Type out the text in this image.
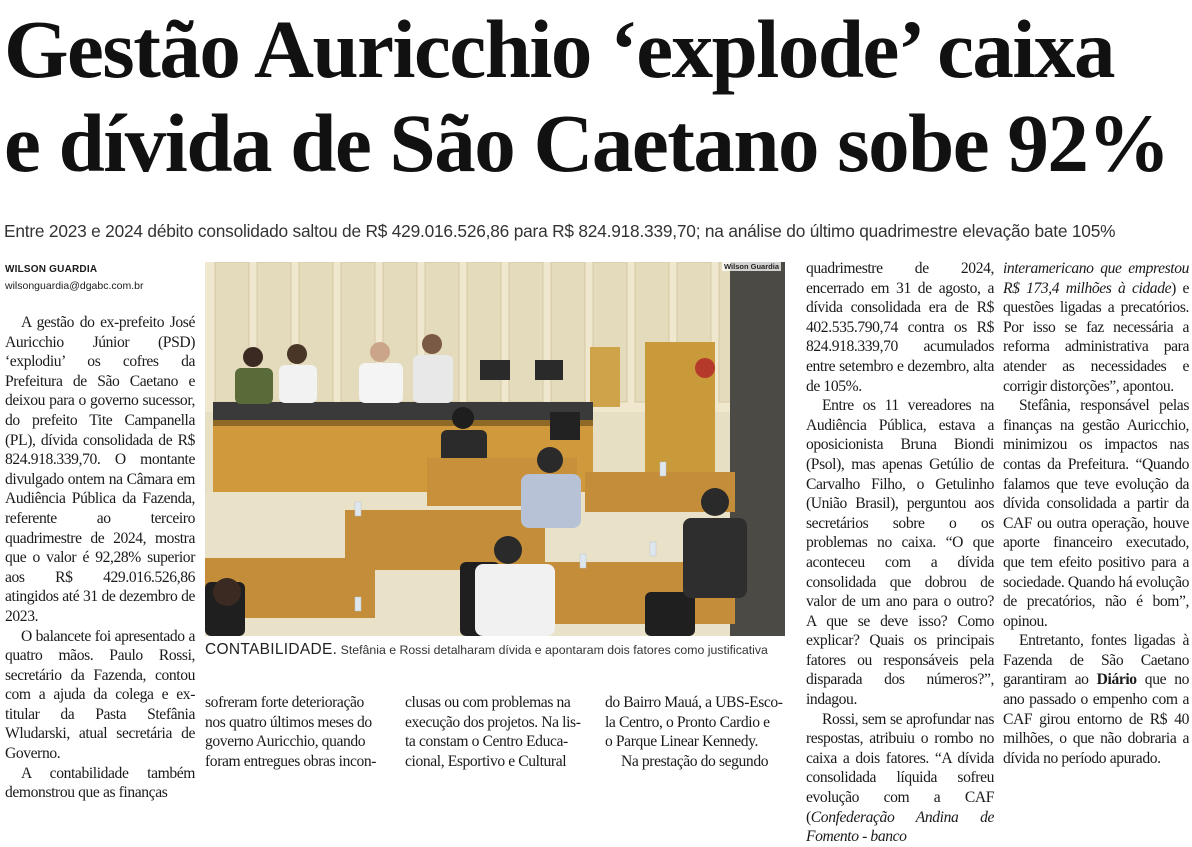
Gestão Auricchio ‘explode’ caixa
e dívida de São Caetano sobe 92%

Entre 2023 e 2024 débito consolidado saltou de R$ 429.016.526,86 para R$ 824.918.339,70; na análise do último quadrimestre elevação bate 105%

WILSON GUARDIA
wilsonguardia@dgabc.com.br

A gestão do ex-prefeito José Auricchio Júnior (PSD) ‘explodiu’ os cofres da Prefeitura de São Caetano e deixou para o governo sucessor, do prefeito Tite Campanella (PL), dívida consolidada de R$ 824.918.339,70. O montante divulgado ontem na Câmara em Audiência Pública da Fazenda, referente ao terceiro quadrimestre de 2024, mostra que o valor é 92,28% superior aos R$ 429.016.526,86 atingidos até 31 de dezembro de 2023.

O balancete foi apresentado a quatro mãos. Paulo Rossi, secretário da Fazenda, contou com a ajuda da colega e ex-titular da Pasta Stefânia Wludarski, atual secretária de Governo.

A contabilidade também demonstrou que as finanças

Wilson Guardia
CONTABILIDADE. Stefânia e Rossi detalharam dívida e apontaram dois fatores como justificativa
sofreram forte deterioração
nos quatro últimos meses do
governo Auricchio, quando
foram entregues obras incon-
clusas ou com problemas na
execução dos projetos. Na lis-
ta constam o Centro Educa-
cional, Esportivo e Cultural
do Bairro Mauá, a UBS-Esco-
la Centro, o Pronto Cardio e
o Parque Linear Kennedy.
Na prestação do segundo

quadrimestre de 2024, encerrado em 31 de agosto, a dívida consolidada era de R$ 402.535.790,74 contra os R$ 824.918.339,70 acumulados entre setembro e dezembro, alta de 105%.

Entre os 11 vereadores na Audiência Pública, estava a oposicionista Bruna Biondi (Psol), mas apenas Getúlio de Carvalho Filho, o Getulinho (União Brasil), perguntou aos secretários sobre o os problemas no caixa. “O que aconteceu com a dívida consolidada que dobrou de valor de um ano para o outro? A que se deve isso? Como explicar? Quais os principais fatores ou responsáveis pela disparada dos números?”, indagou.

Rossi, sem se aprofundar nas respostas, atribuiu o rombo no caixa a dois fatores. “A dívida consolidada líquida sofreu evolução com a CAF (Confederação Andina de Fomento - banco

interamericano que emprestou R$ 173,4 milhões à cidade) e questões ligadas a precatórios. Por isso se faz necessária a reforma administrativa para atender as necessidades e corrigir distorções”, apontou.

Stefânia, responsável pelas finanças na gestão Auricchio, minimizou os impactos nas contas da Prefeitura. “Quando falamos que teve evolução da dívida consolidada a partir da CAF ou outra operação, houve aporte financeiro executado, que tem efeito positivo para a sociedade. Quando há evolução de precatórios, não é bom”, opinou.

Entretanto, fontes ligadas à Fazenda de São Caetano garantiram ao Diário que no ano passado o empenho com a CAF girou entorno de R$ 40 milhões, o que não dobraria a dívida no período apurado.
